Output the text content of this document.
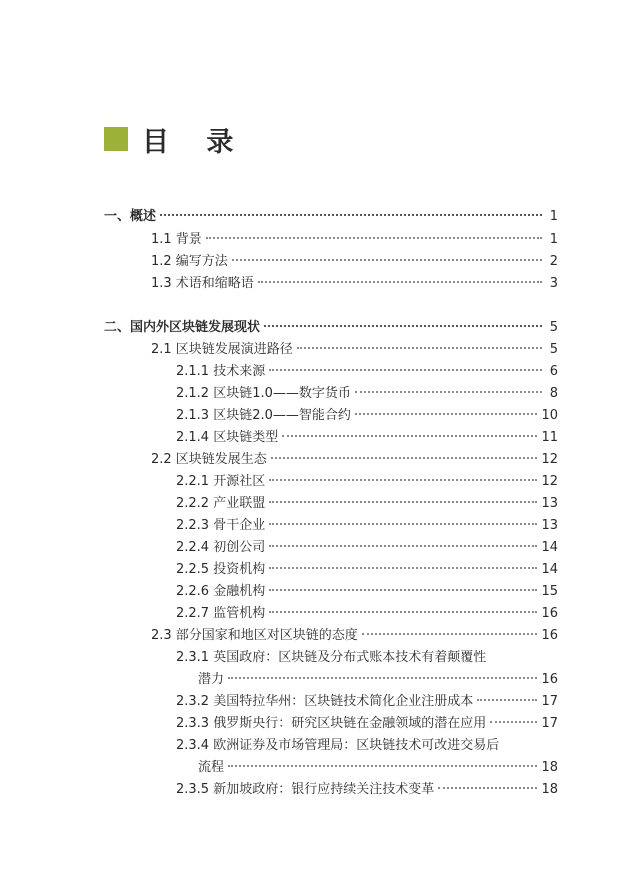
目 录
一、概述	1
1.1 背景	1
1.2 编写方法	2
1.3 术语和缩略语	3
二、国内外区块链发展现状	5
2.1 区块链发展演进路径	5
2.1.1 技术来源	6
2.1.2 区块链1.0——数字货币	8
2.1.3 区块链2.0——智能合约	10
2.1.4 区块链类型	11
2.2 区块链发展生态	12
2.2.1 开源社区	12
2.2.2 产业联盟	13
2.2.3 骨干企业	13
2.2.4 初创公司	14
2.2.5 投资机构	14
2.2.6 金融机构	15
2.2.7 监管机构	16
2.3 部分国家和地区对区块链的态度	16
2.3.1 英国政府：区块链及分布式账本技术有着颠覆性
潜力	16
2.3.2 美国特拉华州：区块链技术简化企业注册成本	17
2.3.3 俄罗斯央行：研究区块链在金融领域的潜在应用	17
2.3.4 欧洲证券及市场管理局：区块链技术可改进交易后
流程	18
2.3.5 新加坡政府：银行应持续关注技术变革	18
